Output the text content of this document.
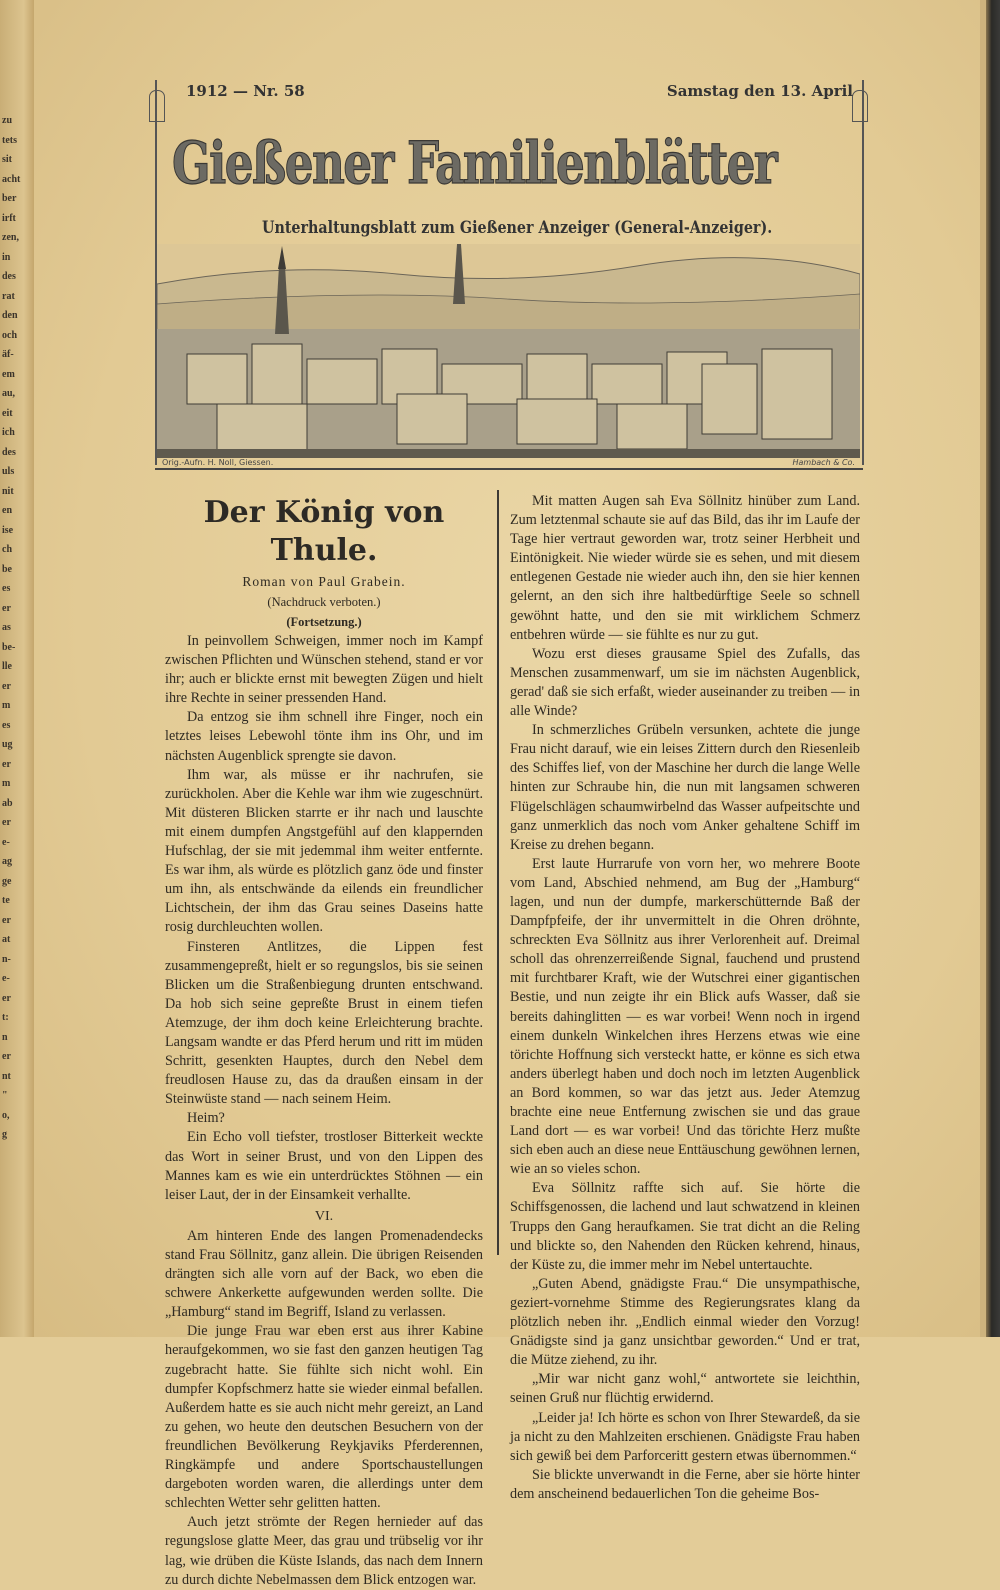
zu
tets
sit
acht
ber
irft
zen,
in
des
rat
den
och
äf-
em
au,
eit
ich
des
uls
nit
en
ise
ch
be
es
er
as
be-
lle
er
m
es
ug
er
m
ab
er
e-
ag
ge
te
er
at
n-
e-
er
t:
n
er
nt
"
o,
g
1912 — Nr. 58	Samstag den 13. April
Gießener Familienblätter
Unterhaltungsblatt zum Gießener Anzeiger (General-Anzeiger).
Orig.-Aufn. H. Noll, Giessen.	Hambach & Co.
Der König von Thule.

Roman von Paul Grabein.

(Nachdruck verboten.)

(Fortsetzung.)

In peinvollem Schweigen, immer noch im Kampf zwischen Pflichten und Wünschen stehend, stand er vor ihr; auch er blickte ernst mit bewegten Zügen und hielt ihre Rechte in seiner pressenden Hand.

Da entzog sie ihm schnell ihre Finger, noch ein letztes leises Lebewohl tönte ihm ins Ohr, und im nächsten Augenblick sprengte sie davon.

Ihm war, als müsse er ihr nachrufen, sie zurückholen. Aber die Kehle war ihm wie zugeschnürt. Mit düsteren Blicken starrte er ihr nach und lauschte mit einem dumpfen Angstgefühl auf den klappernden Hufschlag, der sie mit jedemmal ihm weiter entfernte. Es war ihm, als würde es plötzlich ganz öde und finster um ihn, als entschwände da eilends ein freundlicher Lichtschein, der ihm das Grau seines Daseins hatte rosig durchleuchten wollen.

Finsteren Antlitzes, die Lippen fest zusammengepreßt, hielt er so regungslos, bis sie seinen Blicken um die Straßenbiegung drunten entschwand. Da hob sich seine gepreßte Brust in einem tiefen Atemzuge, der ihm doch keine Erleichterung brachte. Langsam wandte er das Pferd herum und ritt im müden Schritt, gesenkten Hauptes, durch den Nebel dem freudlosen Hause zu, das da draußen einsam in der Steinwüste stand — nach seinem Heim.

Heim?

Ein Echo voll tiefster, trostloser Bitterkeit weckte das Wort in seiner Brust, und von den Lippen des Mannes kam es wie ein unterdrücktes Stöhnen — ein leiser Laut, der in der Einsamkeit verhallte.

VI.

Am hinteren Ende des langen Promenadendecks stand Frau Söllnitz, ganz allein. Die übrigen Reisenden drängten sich alle vorn auf der Back, wo eben die schwere Ankerkette aufgewunden werden sollte. Die „Hamburg“ stand im Begriff, Island zu verlassen.

Die junge Frau war eben erst aus ihrer Kabine heraufgekommen, wo sie fast den ganzen heutigen Tag zugebracht hatte. Sie fühlte sich nicht wohl. Ein dumpfer Kopfschmerz hatte sie wieder einmal befallen. Außerdem hatte es sie auch nicht mehr gereizt, an Land zu gehen, wo heute den deutschen Besuchern von der freundlichen Bevölkerung Reykjaviks Pferderennen, Ringkämpfe und andere Sportschaustellungen dargeboten worden waren, die allerdings unter dem schlechten Wetter sehr gelitten hatten.

Auch jetzt strömte der Regen hernieder auf das regungslose glatte Meer, das grau und trübselig vor ihr lag, wie drüben die Küste Islands, das nach dem Innern zu durch dichte Nebelmassen dem Blick entzogen war.

Mit matten Augen sah Eva Söllnitz hinüber zum Land. Zum letztenmal schaute sie auf das Bild, das ihr im Laufe der Tage hier vertraut geworden war, trotz seiner Herbheit und Eintönigkeit. Nie wieder würde sie es sehen, und mit diesem entlegenen Gestade nie wieder auch ihn, den sie hier kennen gelernt, an den sich ihre haltbedürftige Seele so schnell gewöhnt hatte, und den sie mit wirklichem Schmerz entbehren würde — sie fühlte es nur zu gut.

Wozu erst dieses grausame Spiel des Zufalls, das Menschen zusammenwarf, um sie im nächsten Augenblick, gerad' daß sie sich erfaßt, wieder auseinander zu treiben — in alle Winde?

In schmerzliches Grübeln versunken, achtete die junge Frau nicht darauf, wie ein leises Zittern durch den Riesenleib des Schiffes lief, von der Maschine her durch die lange Welle hinten zur Schraube hin, die nun mit langsamen schweren Flügelschlägen schaumwirbelnd das Wasser aufpeitschte und ganz unmerklich das noch vom Anker gehaltene Schiff im Kreise zu drehen begann.

Erst laute Hurrarufe von vorn her, wo mehrere Boote vom Land, Abschied nehmend, am Bug der „Hamburg“ lagen, und nun der dumpfe, markerschütternde Baß der Dampfpfeife, der ihr unvermittelt in die Ohren dröhnte, schreckten Eva Söllnitz aus ihrer Verlorenheit auf. Dreimal scholl das ohrenzerreißende Signal, fauchend und prustend mit furchtbarer Kraft, wie der Wutschrei einer gigantischen Bestie, und nun zeigte ihr ein Blick aufs Wasser, daß sie bereits dahinglitten — es war vorbei! Wenn noch in irgend einem dunkeln Winkelchen ihres Herzens etwas wie eine törichte Hoffnung sich versteckt hatte, er könne es sich etwa anders überlegt haben und doch noch im letzten Augenblick an Bord kommen, so war das jetzt aus. Jeder Atemzug brachte eine neue Entfernung zwischen sie und das graue Land dort — es war vorbei! Und das törichte Herz mußte sich eben auch an diese neue Enttäuschung gewöhnen lernen, wie an so vieles schon.

Eva Söllnitz raffte sich auf. Sie hörte die Schiffsgenossen, die lachend und laut schwatzend in kleinen Trupps den Gang heraufkamen. Sie trat dicht an die Reling und blickte so, den Nahenden den Rücken kehrend, hinaus, der Küste zu, die immer mehr im Nebel untertauchte.

„Guten Abend, gnädigste Frau.“ Die unsympathische, geziert-vornehme Stimme des Regierungsrates klang da plötzlich neben ihr. „Endlich einmal wieder den Vorzug! Gnädigste sind ja ganz unsichtbar geworden.“ Und er trat, die Mütze ziehend, zu ihr.

„Mir war nicht ganz wohl,“ antwortete sie leichthin, seinen Gruß nur flüchtig erwidernd.

„Leider ja! Ich hörte es schon von Ihrer Stewardeß, da sie ja nicht zu den Mahlzeiten erschienen. Gnädigste Frau haben sich gewiß bei dem Parforceritt gestern etwas übernommen.“

Sie blickte unverwandt in die Ferne, aber sie hörte hinter dem anscheinend bedauerlichen Ton die geheime Bos-
